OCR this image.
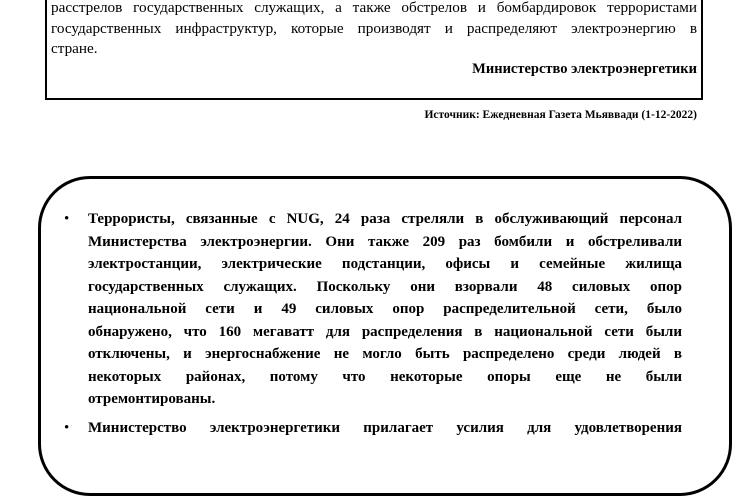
расстрелов государственных служащих, а также обстрелов и бомбардировок террористами
государственных инфраструктур, которые производят и распределяют электроэнергию в
стране.
Министерство электроэнергетики
Источник: Ежедневная Газета Мьяввади (1-12-2022)
• Террористы, связанные с NUG, 24 раза стреляли в обслуживающий персонал
Министерства электроэнергии. Они также 209 раз бомбили и обстреливали
электростанции, электрические подстанции, офисы и семейные жилища
государственных служащих. Поскольку они взорвали 48 силовых опор
национальной сети и 49 силовых опор распределительной сети, было
обнаружено, что 160 мегаватт для распределения в национальной сети были
отключены, и энергоснабжение не могло быть распределено среди людей в
некоторых районах, потому что некоторые опоры еще не были
отремонтированы.
• Министерство электроэнергетики прилагает усилия для удовлетворения
